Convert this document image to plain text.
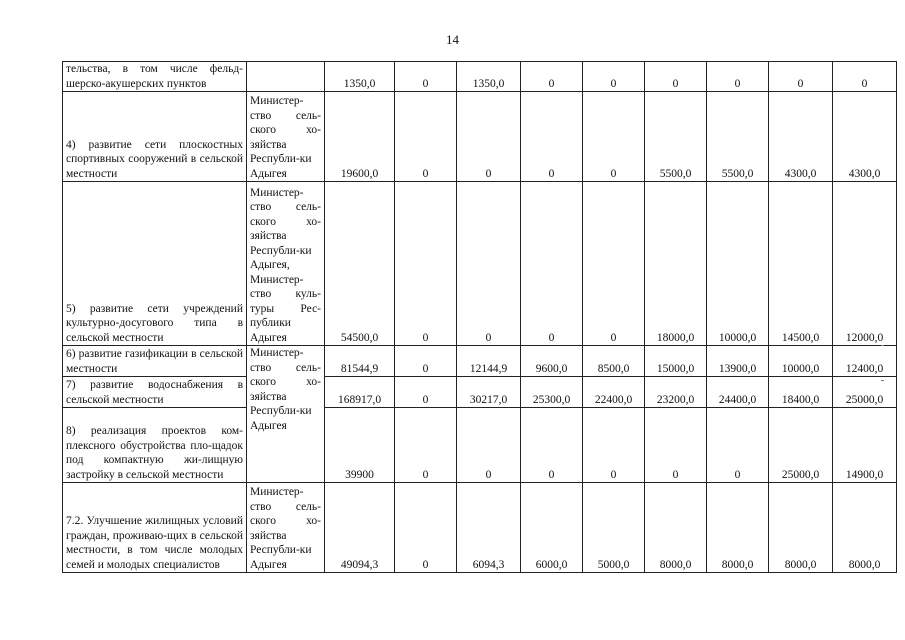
14
тельства, в том числе фельд-шерско-акушерских пунктов		1350,0	0	1350,0	0	0	0	0	0	0
4) развитие сети плоскостных спортивных сооружений в сельской местности	Министер-ство сель-ского хо-зяйства Республи-ки Адыгея	19600,0	0	0	0	0	5500,0	5500,0	4300,0	4300,0
5) развитие сети учреждений культурно-досугового типа в сельской местности	Министер-ство сель-ского хо-зяйства Республи-ки Адыгея, Министер-ство куль-туры Рес-публики Адыгея	54500,0	0	0	0	0	18000,0	10000,0	14500,0	12000,0
6) развитие газификации в сельской местности	Министер-ство сель-ского хо-зяйства Республи-ки Адыгея	81544,9	0	12144,9	9600,0	8500,0	15000,0	13900,0	10000,0	12400,0
7) развитие водоснабжения в сельской местности		168917,0	0	30217,0	25300,0	22400,0	23200,0	24400,0	18400,0	25000,0
8) реализация проектов ком-плексного обустройства пло-щадок под компактную жи-лищную застройку в сельской местности		39900	0	0	0	0	0	0	25000,0	14900,0
7.2. Улучшение жилищных условий граждан, проживаю-щих в сельской местности, в том числе молодых семей и молодых специалистов	Министер-ство сель-ского хо-зяйства Республи-ки Адыгея	49094,3	0	6094,3	6000,0	5000,0	8000,0	8000,0	8000,0	8000,0
